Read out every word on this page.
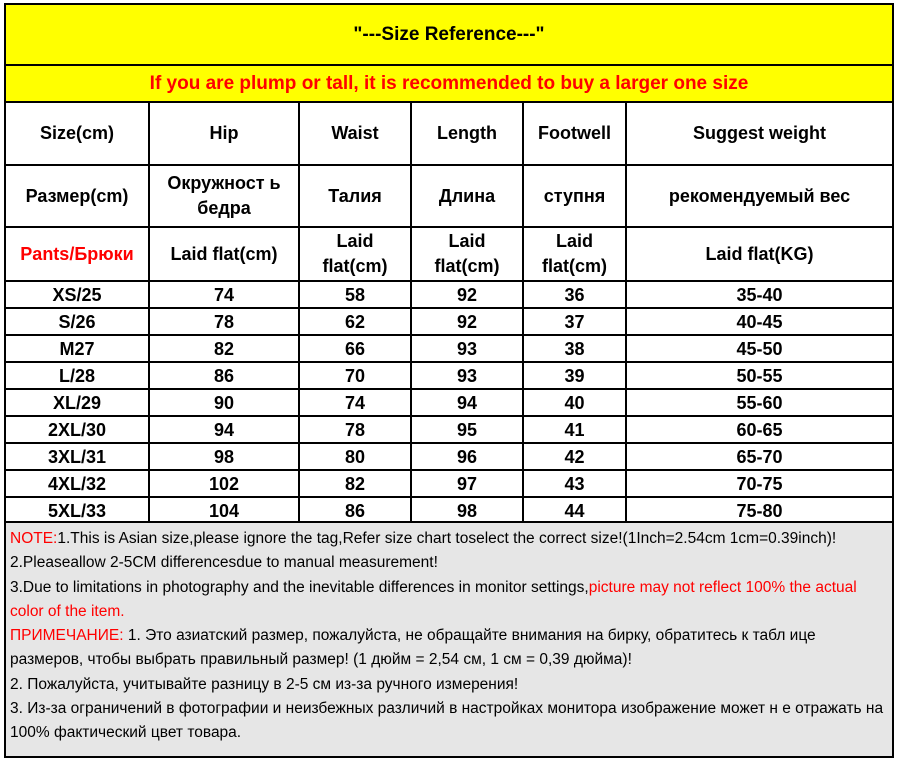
"---Size Reference---"
If you are plump or tall, it is recommended to buy a larger one size
Size(cm)	Hip	Waist	Length	Footwell	Suggest weight
Размер(cm)	Окружност ь бедра	Талия	Длина	ступня	рекомендуемый вес
Pants/Брюки	Laid flat(cm)	Laid flat(cm)	Laid flat(cm)	Laid flat(cm)	Laid flat(KG)
XS/25	74	58	92	36	35-40
S/26	78	62	92	37	40-45
M27	82	66	93	38	45-50
L/28	86	70	93	39	50-55
XL/29	90	74	94	40	55-60
2XL/30	94	78	95	41	60-65
3XL/31	98	80	96	42	65-70
4XL/32	102	82	97	43	70-75
5XL/33	104	86	98	44	75-80

NOTE:1.This is Asian size,please ignore the tag,Refer size chart toselect the correct size!(1Inch=2.54cm 1cm=0.39inch)!

2.Pleaseallow 2-5CM differencesdue to manual measurement!

3.Due to limitations in photography and the inevitable differences in monitor settings,picture may not reflect 100% the actual color of the item.

ПРИМЕЧАНИЕ: 1. Это азиатский размер, пожалуйста, не обращайте внимания на бирку, обратитесь к табл ице размеров, чтобы выбрать правильный размер! (1 дюйм = 2,54 см, 1 см = 0,39 дюйма)!

2. Пожалуйста, учитывайте разницу в 2-5 см из-за ручного измерения!

3. Из-за ограничений в фотографии и неизбежных различий в настройках монитора изображение может н е отражать на 100% фактический цвет товара.
